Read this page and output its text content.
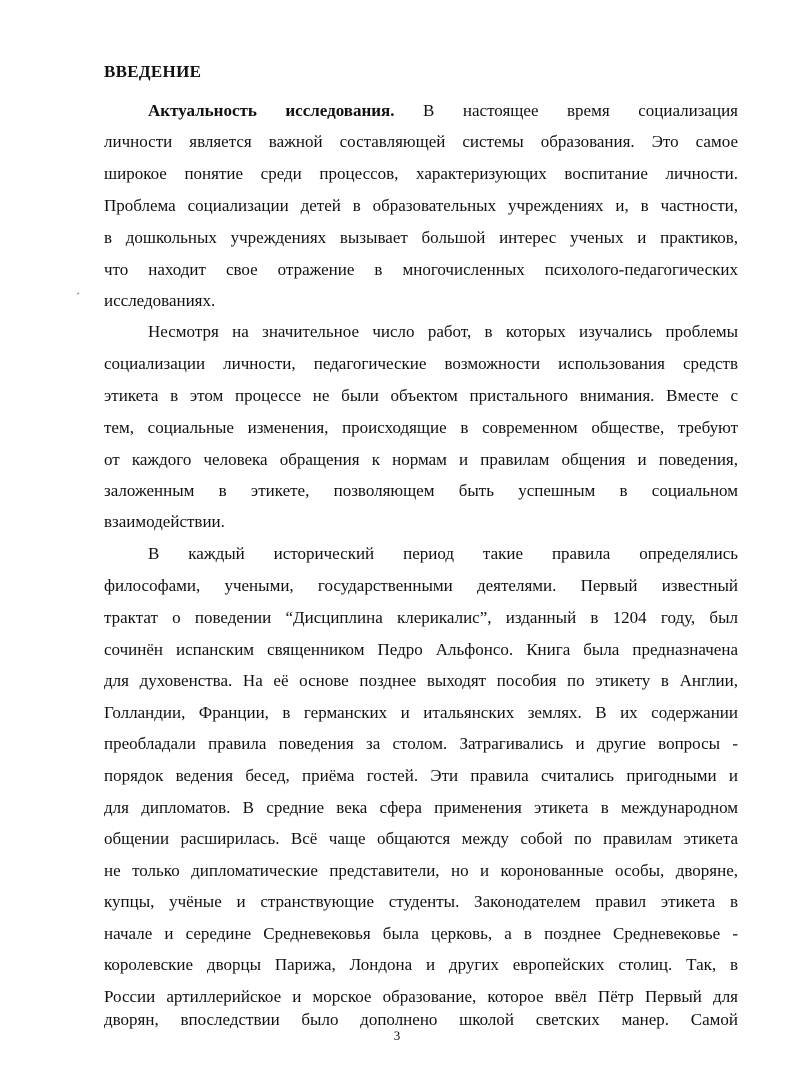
ВВЕДЕНИЕ

Актуальность исследования. В настоящее время социализация

личности является важной составляющей системы образования. Это самое

широкое понятие среди процессов, характеризующих воспитание личности.

Проблема социализации детей в образовательных учреждениях и, в частности,

в дошкольных учреждениях вызывает большой интерес ученых и практиков,

что находит свое отражение в многочисленных психолого-педагогических

исследованиях.

ˊ

Несмотря на значительное число работ, в которых изучались проблемы

социализации личности, педагогические возможности использования средств

этикета в этом процессе не были объектом пристального внимания. Вместе с

тем, социальные изменения, происходящие в современном обществе, требуют

от каждого человека обращения к нормам и правилам общения и поведения,

заложенным в этикете, позволяющем быть успешным в социальном

взаимодействии.

В каждый исторический период такие правила определялись

философами, учеными, государственными деятелями. Первый известный

трактат о поведении “Дисциплина клерикалис”, изданный в 1204 году, был

сочинён испанским священником Педро Альфонсо. Книга была предназначена

для духовенства. На её основе позднее выходят пособия по этикету в Англии,

Голландии, Франции, в германских и итальянских землях. В их содержании

преобладали правила поведения за столом. Затрагивались и другие вопросы -

порядок ведения бесед, приёма гостей. Эти правила считались пригодными и

для дипломатов. В средние века сфера применения этикета в международном

общении расширилась. Всё чаще общаются между собой по правилам этикета

не только дипломатические представители, но и коронованные особы, дворяне,

купцы, учёные и странствующие студенты. Законодателем правил этикета в

начале и середине Средневековья была церковь, а в позднее Средневековье -

королевские дворцы Парижа, Лондона и других европейских столиц. Так, в

России артиллерийское и морское образование, которое ввёл Пётр Первый для

дворян, впоследствии было дополнено школой светских манер. Самой

3
